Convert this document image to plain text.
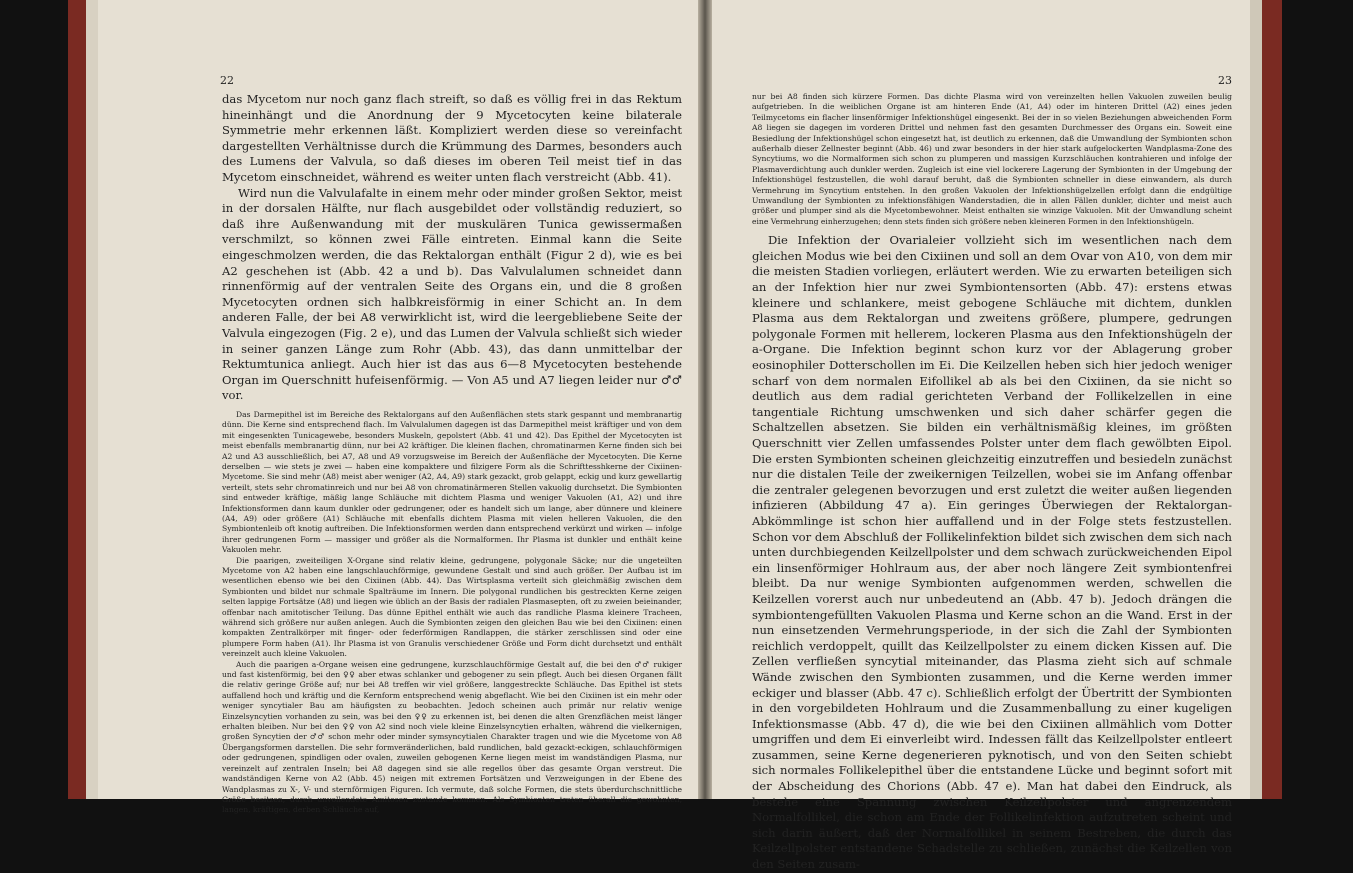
22

das Mycetom nur noch ganz flach streift, so daß es völlig frei in das Rektum hineinhängt und die Anordnung der 9 Mycetocyten keine bilaterale Symmetrie mehr erkennen läßt. Kompliziert werden diese so vereinfacht dargestellten Verhältnisse durch die Krümmung des Darmes, besonders auch des Lumens der Valvula, so daß dieses im oberen Teil meist tief in das Mycetom einschneidet, während es weiter unten flach verstreicht (Abb. 41).

Wird nun die Valvulafalte in einem mehr oder minder großen Sektor, meist in der dorsalen Hälfte, nur flach ausgebildet oder vollständig reduziert, so daß ihre Außenwandung mit der muskulären Tunica gewissermaßen verschmilzt, so können zwei Fälle eintreten. Einmal kann die Seite eingeschmolzen werden, die das Rektalorgan enthält (Figur 2 d), wie es bei A2 geschehen ist (Abb. 42 a und b). Das Valvulalumen schneidet dann rinnenförmig auf der ventralen Seite des Organs ein, und die 8 großen Mycetocyten ordnen sich halbkreisförmig in einer Schicht an. In dem anderen Falle, der bei A8 verwirklicht ist, wird die leergebliebene Seite der Valvula eingezogen (Fig. 2 e), und das Lumen der Valvula schließt sich wieder in seiner ganzen Länge zum Rohr (Abb. 43), das dann unmittelbar der Rektumtunica anliegt. Auch hier ist das aus 6—8 Mycetocyten bestehende Organ im Querschnitt hufeisenförmig. — Von A5 und A7 liegen leider nur ♂♂ vor.

Das Darmepithel ist im Bereiche des Rektalorgans auf den Außenflächen stets stark gespannt und membranartig dünn. Die Kerne sind entsprechend flach. Im Valvulalumen dagegen ist das Darmepithel meist kräftiger und von dem mit eingesenkten Tunicagewebe, besonders Muskeln, gepolstert (Abb. 41 und 42). Das Epithel der Mycetocyten ist meist ebenfalls membranartig dünn, nur bei A2 kräftiger. Die kleinen flachen, chromatinarmen Kerne finden sich bei A2 und A3 ausschließlich, bei A7, A8 und A9 vorzugsweise im Bereich der Außenfläche der Mycetocyten. Die Kerne derselben — wie stets je zwei — haben eine kompaktere und filzigere Form als die Schrifttesshkerne der Cixiinen-Mycetome. Sie sind mehr (A8) meist aber weniger (A2, A4, A9) stark gezackt, grob gelappt, eckig und kurz gewellartig verteilt, stets sehr chromatinreich und nur bei A8 von chromatinärmeren Stellen vakuolig durchsetzt. Die Symbionten sind entweder kräftige, mäßig lange Schläuche mit dichtem Plasma und weniger Vakuolen (A1, A2) und ihre Infektionsformen dann kaum dunkler oder gedrungener, oder es handelt sich um lange, aber dünnere und kleinere (A4, A9) oder größere (A1) Schläuche mit ebenfalls dichtem Plasma mit vielen helleren Vakuolen, die den Symbiontenleib oft knotig auftreiben. Die Infektionsformen werden dann entsprechend verkürzt und wirken — infolge ihrer gedrungenen Form — massiger und größer als die Normalformen. Ihr Plasma ist dunkler und enthält keine Vakuolen mehr.

Die paarigen, zweiteiligen X-Organe sind relativ kleine, gedrungene, polygonale Säcke; nur die ungeteilten Mycetome von A2 haben eine langschlauchförmige, gewundene Gestalt und sind auch größer. Der Aufbau ist im wesentlichen ebenso wie bei den Cixiinen (Abb. 44). Das Wirtsplasma verteilt sich gleichmäßig zwischen dem Symbionten und bildet nur schmale Spalträume im Innern. Die polygonal rundlichen bis gestreckten Kerne zeigen selten lappige Fortsätze (A8) und liegen wie üblich an der Basis der radialen Plasmasepten, oft zu zweien beieinander, offenbar nach amitotischer Teilung. Das dünne Epithel enthält wie auch das randliche Plasma kleinere Tracheen, während sich größere nur außen anlegen. Auch die Symbionten zeigen den gleichen Bau wie bei den Cixiinen: einen kompakten Zentralkörper mit finger- oder federförmigen Randlappen, die stärker zerschlissen sind oder eine plumpere Form haben (A1). Ihr Plasma ist von Granulis verschiedener Größe und Form dicht durchsetzt und enthält vereinzelt auch kleine Vakuolen.

Auch die paarigen a-Organe weisen eine gedrungene, kurzschlauchförmige Gestalt auf, die bei den ♂♂ rukiger und fast kistenförmig, bei den ♀♀ aber etwas schlanker und gebogener zu sein pflegt. Auch bei diesen Organen fällt die relativ geringe Größe auf; nur bei A8 treffen wir viel größere, langgestreckte Schläuche. Das Epithel ist stets auffallend hoch und kräftig und die Kernform entsprechend wenig abgeflacht. Wie bei den Cixiinen ist ein mehr oder weniger syncytialer Bau am häufigsten zu beobachten. Jedoch scheinen auch primär nur relativ wenige Einzelsyncytien vorhanden zu sein, was bei den ♀♀ zu erkennen ist, bei denen die alten Grenzflächen meist länger erhalten bleiben. Nur bei den ♀♀ von A2 sind noch viele kleine Einzelsyncytien erhalten, während die vielkernigen, großen Syncytien der ♂♂ schon mehr oder minder symsyncytialen Charakter tragen und wie die Mycetome von A8 Übergangsformen darstellen. Die sehr formveränderlichen, bald rundlichen, bald gezackt-eckigen, schlauchförmigen oder gedrungenen, spindligen oder ovalen, zuweilen gebogenen Kerne liegen meist im wandständigen Plasma, nur vereinzelt auf zentralen Inseln; bei A8 dagegen sind sie alle regellos über das gesamte Organ verstreut. Die wandständigen Kerne von A2 (Abb. 45) neigen mit extremen Fortsätzen und Verzweigungen in der Ebene des Wandplasmas zu X-, V- und sternförmigen Figuren. Ich vermute, daß solche Formen, die stets überdurchschnittliche Größe besitzen, durch unvollendete Amitosen zustande kommen. Als Symbionten treten überall die gewohnten, langen, kräftigen, derben Schläuche auf,

23

nur bei A8 finden sich kürzere Formen. Das dichte Plasma wird von vereinzelten hellen Vakuolen zuweilen beulig aufgetrieben. In die weiblichen Organe ist am hinteren Ende (A1, A4) oder im hinteren Drittel (A2) eines jeden Teilmycetoms ein flacher linsenförmiger Infektionshügel eingesenkt. Bei der in so vielen Beziehungen abweichenden Form A8 liegen sie dagegen im vorderen Drittel und nehmen fast den gesamten Durchmesser des Organs ein. Soweit eine Besiedlung der Infektionshügel schon eingesetzt hat, ist deutlich zu erkennen, daß die Umwandlung der Symbionten schon außerhalb dieser Zellnester beginnt (Abb. 46) und zwar besonders in der hier stark aufgelockerten Wandplasma-Zone des Syncytiums, wo die Normalformen sich schon zu plumperen und massigen Kurzschläuchen kontrahieren und infolge der Plasmaverdichtung auch dunkler werden. Zugleich ist eine viel lockerere Lagerung der Symbionten in der Umgebung der Infektionshügel festzustellen, die wohl darauf beruht, daß die Symbionten schneller in diese einwandern, als durch Vermehrung im Syncytium entstehen. In den großen Vakuolen der Infektionshügelzellen erfolgt dann die endgültige Umwandlung der Symbionten zu infektionsfähigen Wanderstadien, die in allen Fällen dunkler, dichter und meist auch größer und plumper sind als die Mycetombewohner. Meist enthalten sie winzige Vakuolen. Mit der Umwandlung scheint eine Vermehrung einherzugehen; denn stets finden sich größere neben kleineren Formen in den Infektionshügeln.

Die Infektion der Ovarialeier vollzieht sich im wesentlichen nach dem gleichen Modus wie bei den Cixiinen und soll an dem Ovar von A10, von dem mir die meisten Stadien vorliegen, erläutert werden. Wie zu erwarten beteiligen sich an der Infektion hier nur zwei Symbiontensorten (Abb. 47): erstens etwas kleinere und schlankere, meist gebogene Schläuche mit dichtem, dunklen Plasma aus dem Rektalorgan und zweitens größere, plumpere, gedrungen polygonale Formen mit hellerem, lockeren Plasma aus den Infektionshügeln der a-Organe. Die Infektion beginnt schon kurz vor der Ablagerung grober eosinophiler Dotterschollen im Ei. Die Keilzellen heben sich hier jedoch weniger scharf von dem normalen Eifollikel ab als bei den Cixiinen, da sie nicht so deutlich aus dem radial gerichteten Verband der Follikelzellen in eine tangentiale Richtung umschwenken und sich daher schärfer gegen die Schaltzellen absetzen. Sie bilden ein verhältnismäßig kleines, im größten Querschnitt vier Zellen umfassendes Polster unter dem flach gewölbten Eipol. Die ersten Symbionten scheinen gleichzeitig einzutreffen und besiedeln zunächst nur die distalen Teile der zweikernigen Teilzellen, wobei sie im Anfang offenbar die zentraler gelegenen bevorzugen und erst zuletzt die weiter außen liegenden infizieren (Abbildung 47 a). Ein geringes Überwiegen der Rektalorgan-Abkömmlinge ist schon hier auffallend und in der Folge stets festzustellen. Schon vor dem Abschluß der Follikelinfektion bildet sich zwischen dem sich nach unten durchbiegenden Keilzellpolster und dem schwach zurückweichenden Eipol ein linsenförmiger Hohlraum aus, der aber noch längere Zeit symbiontenfrei bleibt. Da nur wenige Symbionten aufgenommen werden, schwellen die Keilzellen vorerst auch nur unbedeutend an (Abb. 47 b). Jedoch drängen die symbiontengefüllten Vakuolen Plasma und Kerne schon an die Wand. Erst in der nun einsetzenden Vermehrungsperiode, in der sich die Zahl der Symbionten reichlich verdoppelt, quillt das Keilzellpolster zu einem dicken Kissen auf. Die Zellen verfließen syncytial miteinander, das Plasma zieht sich auf schmale Wände zwischen den Symbionten zusammen, und die Kerne werden immer eckiger und blasser (Abb. 47 c). Schließlich erfolgt der Übertritt der Symbionten in den vorgebildeten Hohlraum und die Zusammenballung zu einer kugeligen Infektionsmasse (Abb. 47 d), die wie bei den Cixiinen allmählich vom Dotter umgriffen und dem Ei einverleibt wird. Indessen fällt das Keilzellpolster entleert zusammen, seine Kerne degenerieren pyknotisch, und von den Seiten schiebt sich normales Follikelepithel über die entstandene Lücke und beginnt sofort mit der Abscheidung des Chorions (Abb. 47 e). Man hat dabei den Eindruck, als bestehe eine Spannung zwischen Keilzellpolster und angrenzendem Normalfollikel, die schon am Ende der Follikelinfektion aufzutreten scheint und sich darin äußert, daß der Normalfollikel in seinem Bestreben, die durch das Keilzellpolster entstandene Schadstelle zu schließen, zunächst die Keilzellen von den Seiten zusam-
